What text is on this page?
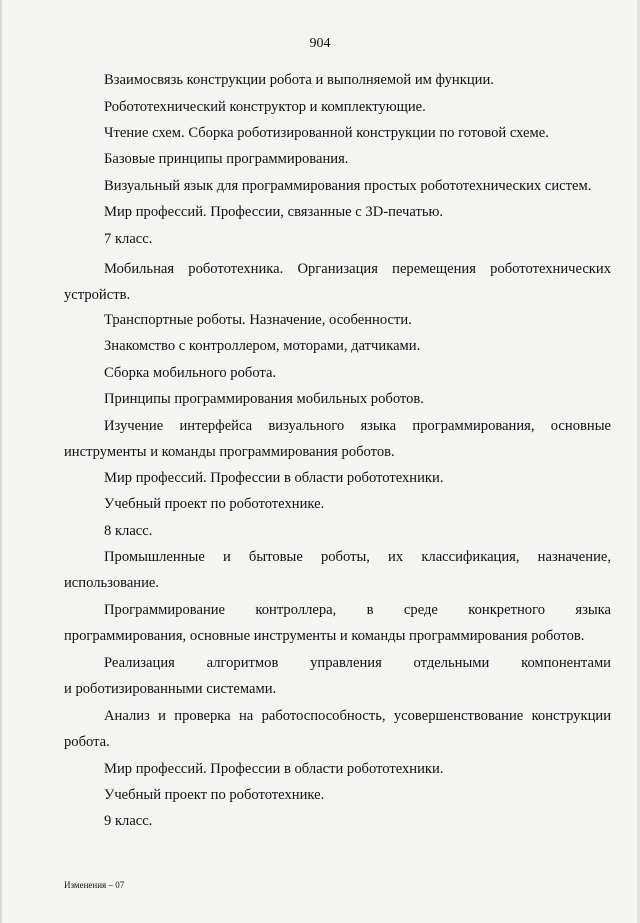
904

Взаимосвязь конструкции робота и выполняемой им функции.

Робототехнический конструктор и комплектующие.

Чтение схем. Сборка роботизированной конструкции по готовой схеме.

Базовые принципы программирования.

Визуальный язык для программирования простых робототехнических систем.

Мир профессий. Профессии, связанные с 3D-печатью.

7 класс.

Мобильная робототехника. Организация перемещения робототехнических
устройств.

Транспортные роботы. Назначение, особенности.

Знакомство с контроллером, моторами, датчиками.

Сборка мобильного робота.

Принципы программирования мобильных роботов.

Изучение интерфейса визуального языка программирования, основные
инструменты и команды программирования роботов.

Мир профессий. Профессии в области робототехники.

Учебный проект по робототехнике.

8 класс.

Промышленные и бытовые роботы, их классификация, назначение,
использование.

Программирование контроллера, в среде конкретного языка
программирования, основные инструменты и команды программирования роботов.

Реализация алгоритмов управления отдельными компонентами
и роботизированными системами.

Анализ и проверка на работоспособность, усовершенствование конструкции
робота.

Мир профессий. Профессии в области робототехники.

Учебный проект по робототехнике.

9 класс.

Изменения – 07
